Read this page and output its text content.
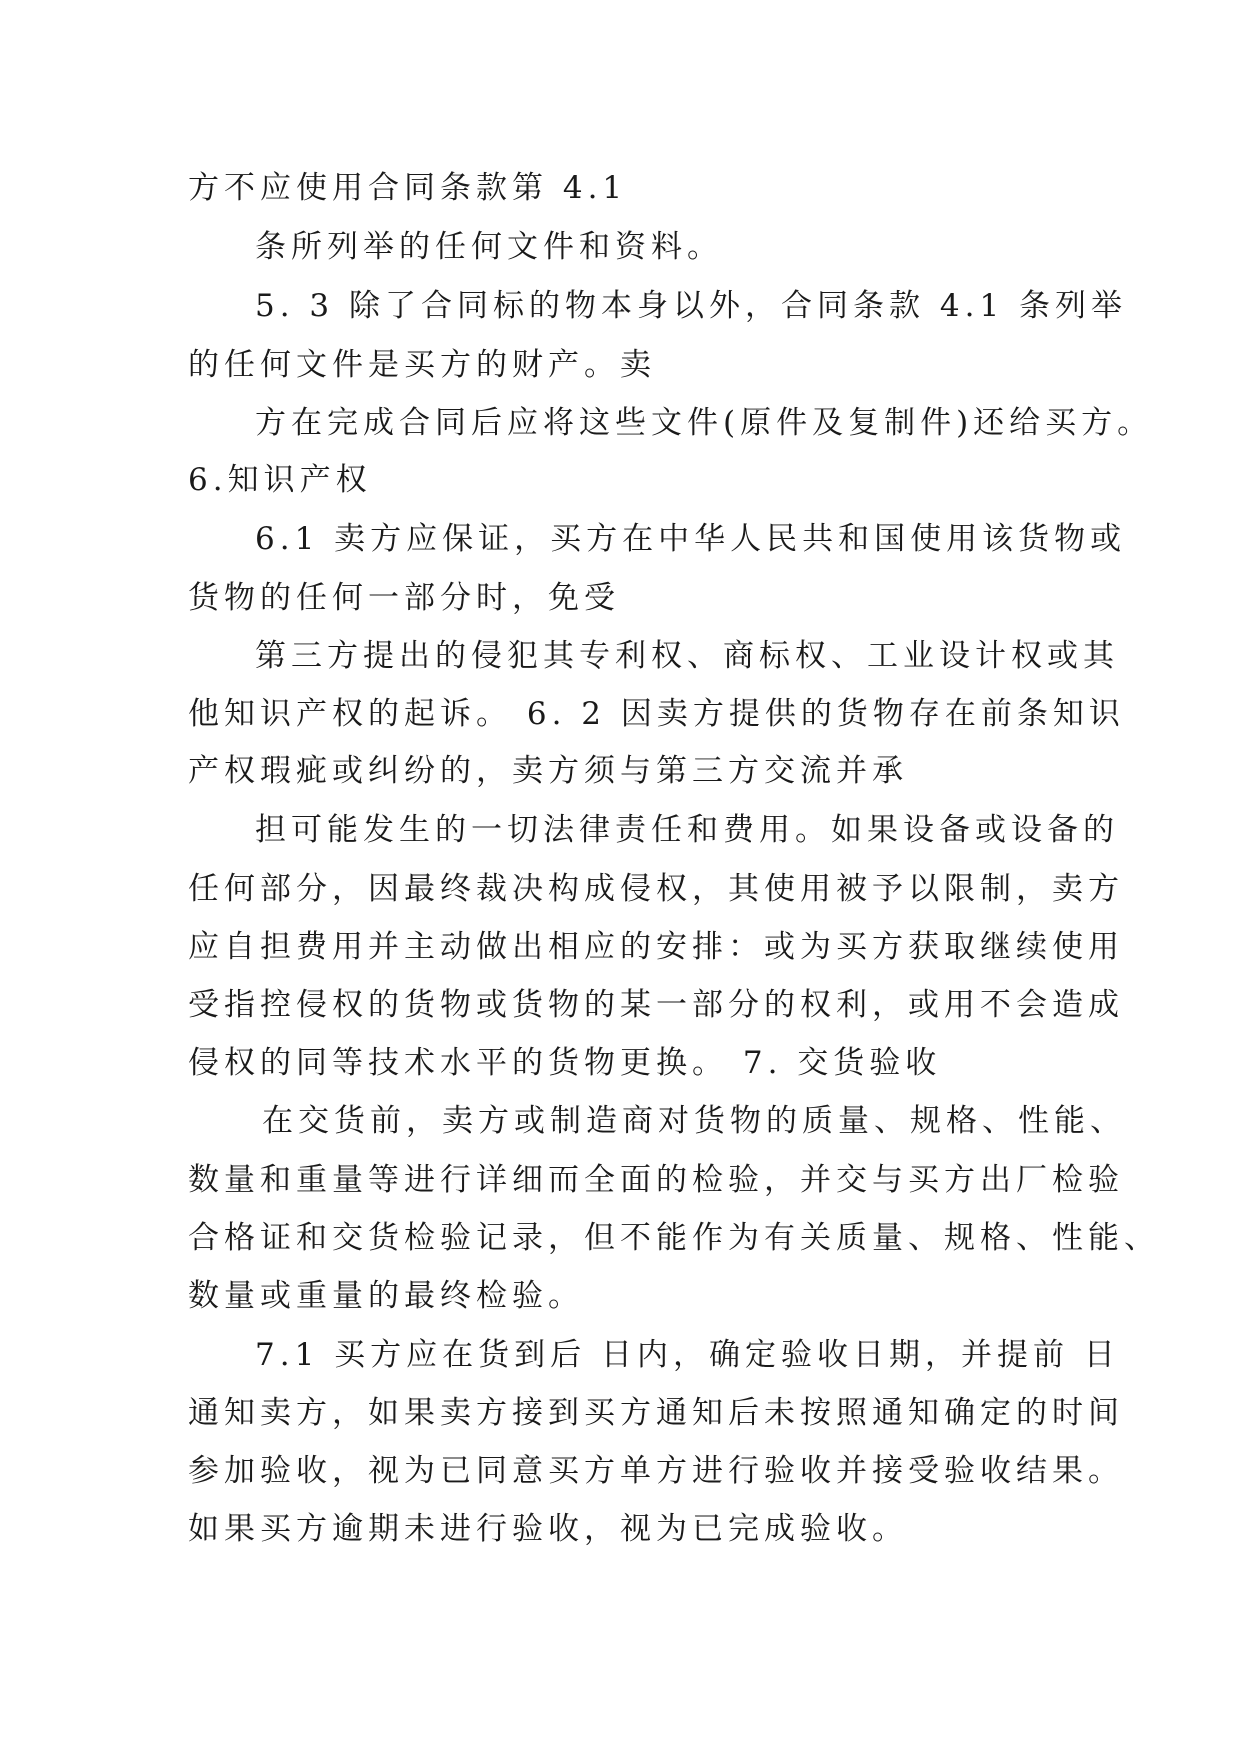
方不应使用合同条款第 4.1
条所列举的任何文件和资料。
5. 3 除了合同标的物本身以外，合同条款 4.1 条列举
的任何文件是买方的财产。卖
方在完成合同后应将这些文件(原件及复制件)还给买方。
6.知识产权
6.1 卖方应保证，买方在中华人民共和国使用该货物或
货物的任何一部分时，免受
第三方提出的侵犯其专利权、商标权、工业设计权或其
他知识产权的起诉。 6. 2 因卖方提供的货物存在前条知识
产权瑕疵或纠纷的，卖方须与第三方交流并承
担可能发生的一切法律责任和费用。如果设备或设备的
任何部分，因最终裁决构成侵权，其使用被予以限制，卖方
应自担费用并主动做出相应的安排：或为买方获取继续使用
受指控侵权的货物或货物的某一部分的权利，或用不会造成
侵权的同等技术水平的货物更换。 7. 交货验收
在交货前，卖方或制造商对货物的质量、规格、性能、
数量和重量等进行详细而全面的检验，并交与买方出厂检验
合格证和交货检验记录，但不能作为有关质量、规格、性能、
数量或重量的最终检验。
7.1 买方应在货到后 日内，确定验收日期，并提前 日
通知卖方，如果卖方接到买方通知后未按照通知确定的时间
参加验收，视为已同意买方单方进行验收并接受验收结果。
如果买方逾期未进行验收，视为已完成验收。
